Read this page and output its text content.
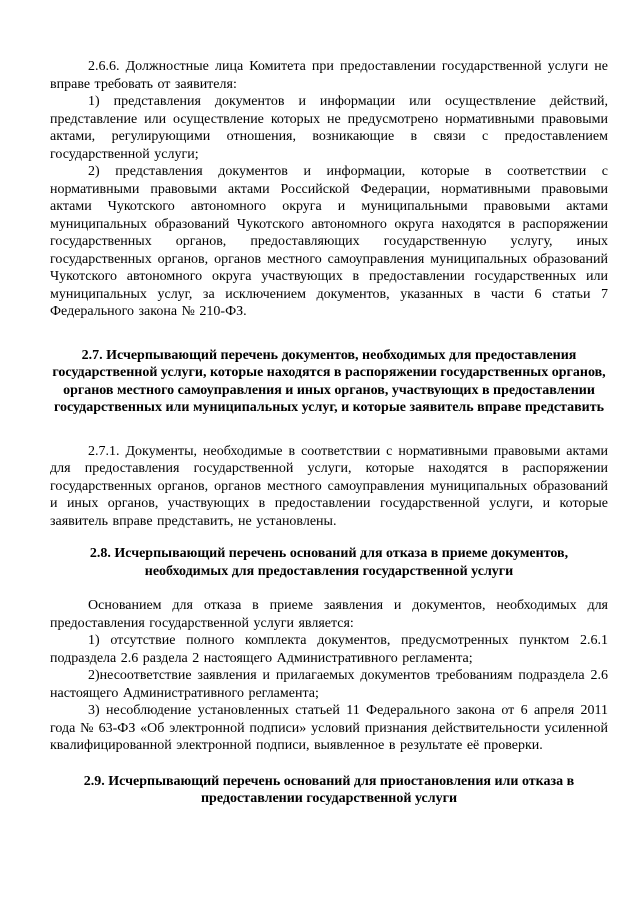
2.6.6. Должностные лица Комитета при предоставлении государственной услуги не вправе требовать от заявителя:

1) представления документов и информации или осуществление действий, представление или осуществление которых не предусмотрено нормативными правовыми актами, регулирующими отношения, возникающие в связи с предоставлением государственной услуги;

2) представления документов и информации, которые в соответствии с нормативными правовыми актами Российской Федерации, нормативными правовыми актами Чукотского автономного округа и муниципальными правовыми актами муниципальных образований Чукотского автономного округа находятся в распоряжении государственных органов, предоставляющих государственную услугу, иных государственных органов, органов местного самоуправления муниципальных образований Чукотского автономного округа участвующих в предоставлении государственных или муниципальных услуг, за исключением документов, указанных в части 6 статьи 7 Федерального закона № 210-ФЗ.

2.7. Исчерпывающий перечень документов, необходимых для предоставления государственной услуги, которые находятся в распоряжении государственных органов, органов местного самоуправления и иных органов, участвующих в предоставлении государственных или муниципальных услуг, и которые заявитель вправе представить

2.7.1. Документы, необходимые в соответствии с нормативными правовыми актами для предоставления государственной услуги, которые находятся в распоряжении государственных органов, органов местного самоуправления муниципальных образований и иных органов, участвующих в предоставлении государственной услуги, и которые заявитель вправе представить, не установлены.

2.8. Исчерпывающий перечень оснований для отказа в приеме документов, необходимых для предоставления государственной услуги

Основанием для отказа в приеме заявления и документов, необходимых для предоставления государственной услуги является:

1) отсутствие полного комплекта документов, предусмотренных пунктом 2.6.1 подраздела 2.6 раздела 2 настоящего Административного регламента;

2)несоответствие заявления и прилагаемых документов требованиям подраздела 2.6 настоящего Административного регламента;

3) несоблюдение установленных статьей 11 Федерального закона от 6 апреля 2011 года № 63-ФЗ «Об электронной подписи» условий признания действительности усиленной квалифицированной электронной подписи, выявленное в результате её проверки.

2.9. Исчерпывающий перечень оснований для приостановления или отказа в предоставлении государственной услуги
